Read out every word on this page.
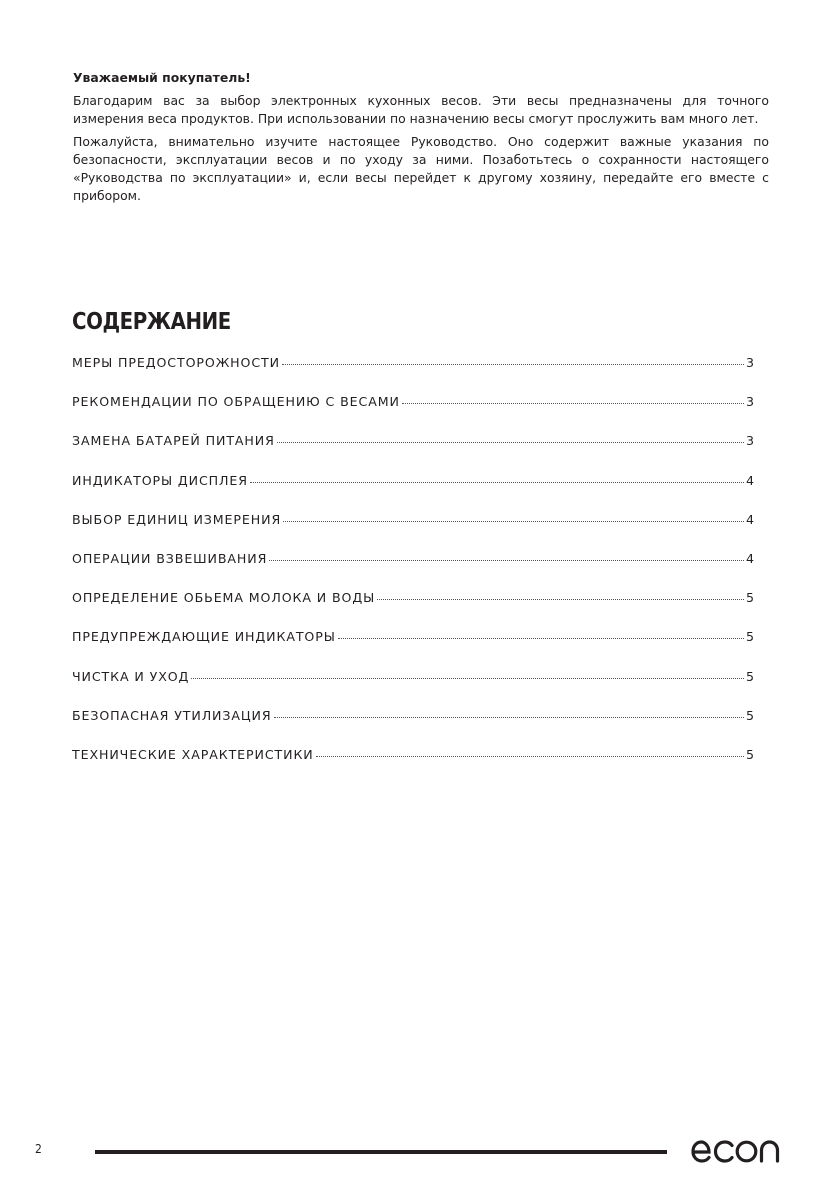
Уважаемый покупатель!

Благодарим вас за выбор электронных кухонных весов. Эти весы предназначены для точного измерения веса продуктов. При использовании по назначению весы смогут прослужить вам много лет.

Пожалуйста, внимательно изучите настоящее Руководство. Оно содержит важные указания по безопасности, эксплуатации весов и по уходу за ними. Позаботьтесь о сохранности настоящего «Руководства по эксплуатации» и, если весы перейдет к другому хозяину, передайте его вместе с прибором.

СОДЕРЖАНИЕ
МЕРЫ ПРЕДОСТОРОЖНОСТИ	3
РЕКОМЕНДАЦИИ ПО ОБРАЩЕНИЮ С ВЕСАМИ	3
ЗАМЕНА БАТАРЕЙ ПИТАНИЯ	3
ИНДИКАТОРЫ ДИСПЛЕЯ	4
ВЫБОР ЕДИНИЦ ИЗМЕРЕНИЯ	4
ОПЕРАЦИИ ВЗВЕШИВАНИЯ	4
ОПРЕДЕЛЕНИЕ ОБЬЕМА МОЛОКА И ВОДЫ	5
ПРЕДУПРЕЖДАЮЩИЕ ИНДИКАТОРЫ	5
ЧИСТКА И УХОД	5
БЕЗОПАСНАЯ УТИЛИЗАЦИЯ	5
ТЕХНИЧЕСКИЕ ХАРАКТЕРИСТИКИ	5
2
